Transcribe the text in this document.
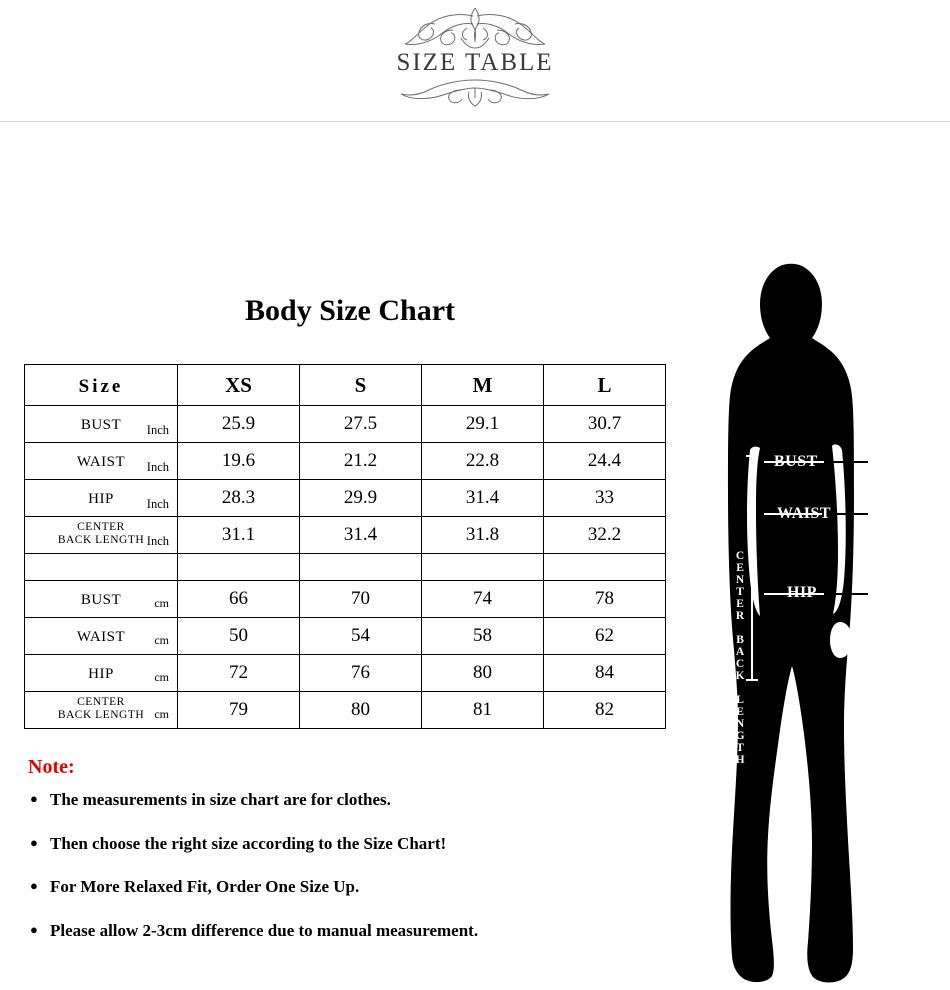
SIZE TABLE
Body Size Chart
Size	XS	S	M	L
BUST Inch	25.9	27.5	29.1	30.7
WAIST Inch	19.6	21.2	22.8	24.4
HIP Inch	28.3	29.9	31.4	33
CENTER
BACK LENGTH Inch	31.1	31.4	31.8	32.2

BUST cm	66	70	74	78
WAIST cm	50	54	58	62
HIP cm	72	76	80	84
CENTER
BACK LENGTH cm	79	80	81	82
Note:

● The measurements in size chart are for clothes.

● Then choose the right size according to the Size Chart!

● For More Relaxed Fit, Order One Size Up.

● Please allow 2-3cm difference due to manual measurement.

BUST
WAIST
HIP
CENTER BACK LENGTH
